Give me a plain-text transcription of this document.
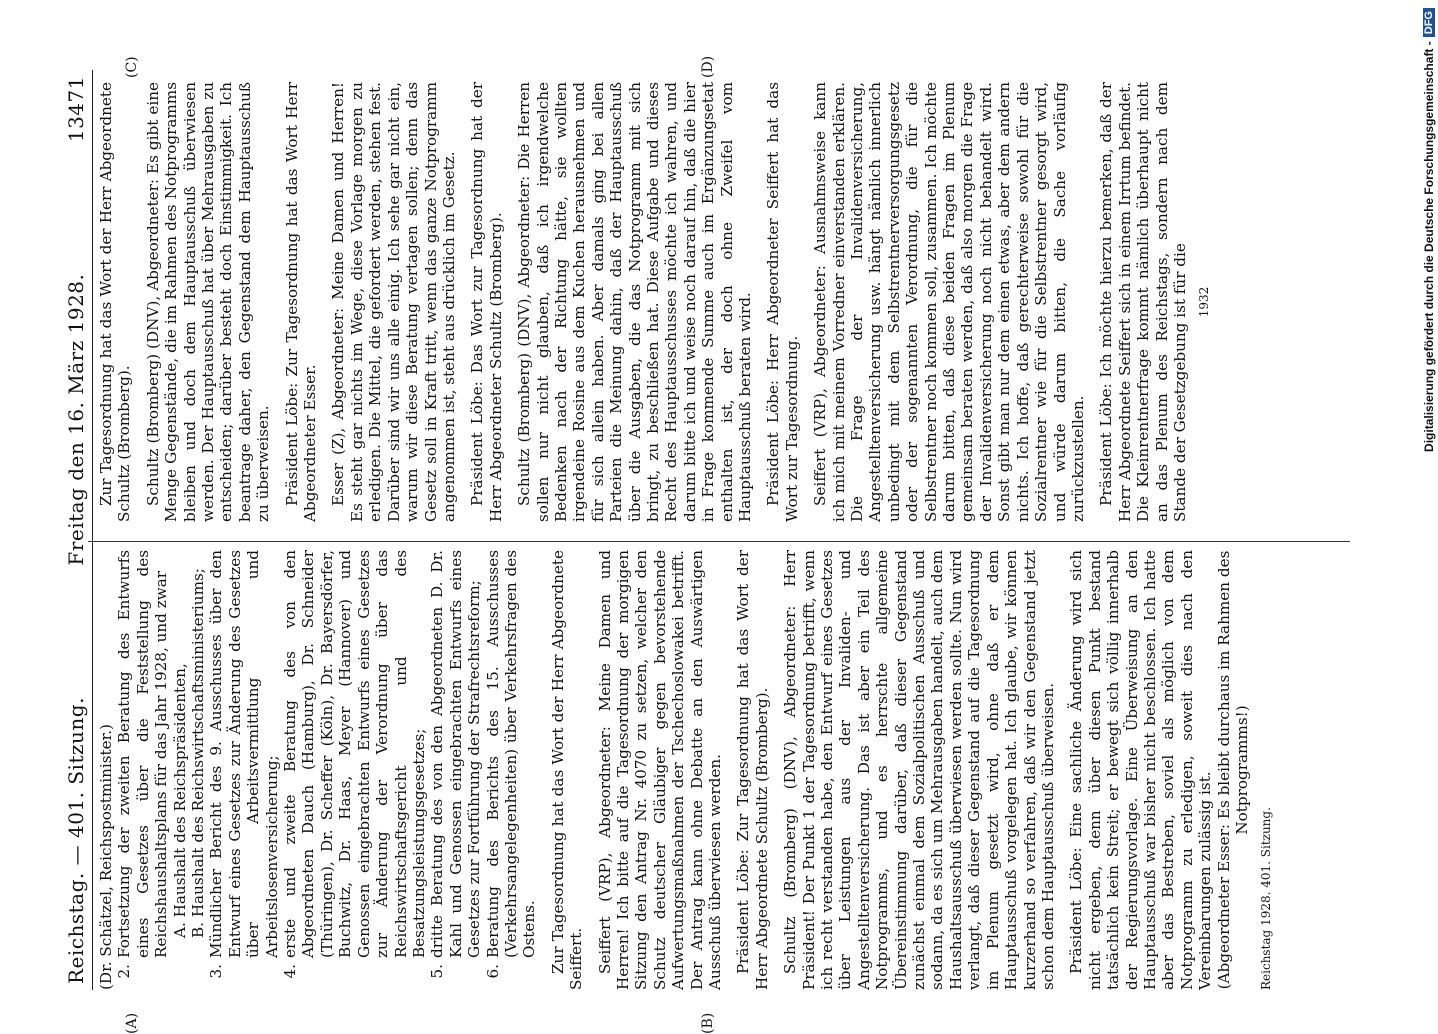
Reichstag. — 401. Sitzung.
Freitag den 16. März 1928.
13471
(A)	(B)
(C)	(D)

(Dr. Schätzel, Reichspostminister.) 2.
Fortsetzung der zweiten Beratung des Entwurfs eines Gesetzes über die Feststellung des Reichshaushaltsplans für das Jahr 1928, und zwar A. Haushalt des Reichspräsidenten, B. Haushalt des Reichswirtschaftsministeriums;
3.
Mündlicher Bericht des 9. Ausschusses über den Entwurf eines Gesetzes zur Änderung des Gesetzes über Arbeitsvermittlung und Arbeitslosenversicherung;
4.
erste und zweite Beratung des von den Abgeordneten Dauch (Hamburg), Dr. Schneider (Thüringen), Dr. Scheffer (Köln), Dr. Bayersdörfer, Buchwitz, Dr. Haas, Meyer (Hannover) und Genossen eingebrachten Entwurfs eines Gesetzes zur Änderung der Verordnung über das Reichswirtschaftsgericht und des Besatzungsleistungsgesetzes;
5.
dritte Beratung des von den Abgeordneten D. Dr. Kahl und Genossen eingebrachten Entwurfs eines Gesetzes zur Fortführung der Strafrechtsreform;
6.
Beratung des Berichts des 15. Ausschusses (Verkehrsangelegenheiten) über Verkehrsfragen des Ostens. Zur Tagesordnung hat das Wort der Herr Abgeordnete Seiffert. Seiffert (VRP), Abgeordneter: Meine Damen und Herren! Ich bitte auf die Tagesordnung der morgigen Sitzung den Antrag Nr. 4070 zu setzen, welcher den Schutz deutscher Gläubiger gegen bevorstehende Aufwertungsmaßnahmen der Tschechoslowakei betrifft. Der Antrag kann ohne Debatte an den Auswärtigen Ausschuß überwiesen werden. Präsident Löbe: Zur Tagesordnung hat das Wort der Herr Abgeordnete Schultz (Bromberg). Schultz (Bromberg) (DNV), Abgeordneter: Herr Präsident! Der Punkt 1 der Tagesordnung betrifft, wenn ich recht verstanden habe, den Entwurf eines Gesetzes über Leistungen aus der Invaliden- und Angestelltenversicherung. Das ist aber ein Teil des Notprogramms, und es herrschte allgemeine Übereinstimmung darüber, daß dieser Gegenstand zunächst einmal dem Sozialpolitischen Ausschuß und sodann, da es sich um Mehrausgaben handelt, auch dem Haushaltsausschuß überwiesen werden sollte. Nun wird verlangt, daß dieser Gegenstand auf die Tagesordnung im Plenum gesetzt wird, ohne daß er dem Hauptausschuß vorgelegen hat. Ich glaube, wir können kurzerhand so verfahren, daß wir den Gegenstand jetzt schon dem Hauptausschuß überweisen. Präsident Löbe: Eine sachliche Änderung wird sich nicht ergeben, denn über diesen Punkt bestand tatsächlich kein Streit; er bewegt sich völlig innerhalb der Regierungsvorlage. Eine Überweisung an den Hauptausschuß war bisher nicht beschlossen. Ich hatte aber das Bestreben, soviel als möglich von dem Notprogramm zu erledigen, soweit dies nach den Vereinbarungen zulässig ist. (Abgeordneter Esser: Es bleibt durchaus im Rahmen des Notprogramms!)

Reichstag 1928. 401. Sitzung.

Zur Tagesordnung hat das Wort der Herr Abgeordnete Schultz (Bromberg). Schultz (Bromberg) (DNV), Abgeordneter: Es gibt eine Menge Gegenstände, die im Rahmen des Notprogramms bleiben und doch dem Hauptausschuß überwiesen werden. Der Hauptausschuß hat über Mehrausgaben zu entscheiden; darüber besteht doch Einstimmigkeit. Ich beantrage daher, den Gegenstand dem Hauptausschuß zu überweisen. Präsident Löbe: Zur Tagesordnung hat das Wort Herr Abgeordneter Esser. Esser (Z), Abgeordneter: Meine Damen und Herren! Es steht gar nichts im Wege, diese Vorlage morgen zu erledigen. Die Mittel, die gefordert werden, stehen fest. Darüber sind wir uns alle einig. Ich sehe gar nicht ein, warum wir diese Beratung vertagen sollen; denn das Gesetz soll in Kraft tritt, wenn das ganze Notprogramm angenommen ist, steht aus drücklich im Gesetz. Präsident Löbe: Das Wort zur Tagesordnung hat der Herr Abgeordneter Schultz (Bromberg). Schultz (Bromberg) (DNV), Abgeordneter: Die Herren sollen nur nicht glauben, daß ich irgendwelche Bedenken nach der Richtung hätte, sie wollten irgendeine Rosine aus dem Kuchen herausnehmen und für sich allein haben. Aber damals ging bei allen Parteien die Meinung dahin, daß der Hauptausschuß über die Ausgaben, die das Notprogramm mit sich bringt, zu beschließen hat. Diese Aufgabe und dieses Recht des Hauptausschusses möchte ich wahren, und darum bitte ich und weise noch darauf hin, daß die hier in Frage kommende Summe auch im Ergänzungsetat enthalten ist, der doch ohne Zweifel vom Hauptausschuß beraten wird. Präsident Löbe: Herr Abgeordneter Seiffert hat das Wort zur Tagesordnung. Seiffert (VRP), Abgeordneter: Ausnahmsweise kann ich mich mit meinem Vorredner einverstanden erklären. Die Frage der Invalidenversicherung, Angestelltenversicherung usw. hängt nämlich innerlich unbedingt mit dem Selbstrentnerversorgungsgesetz oder der sogenannten Verordnung, die für die Selbstrentner noch kommen soll, zusammen. Ich möchte darum bitten, daß diese beiden Fragen im Plenum gemeinsam beraten werden, daß also morgen die Frage der Invalidenversicherung noch nicht behandelt wird. Sonst gibt man nur dem einen etwas, aber dem andern nichts. Ich hoffe, daß gerechterweise sowohl für die Sozialrentner wie für die Selbstrentner gesorgt wird, und würde darum bitten, die Sache vorläufig zurückzustellen. Präsident Löbe: Ich möchte hierzu bemerken, daß der Herr Abgeordnete Seiffert sich in einem Irrtum befindet. Die Kleinrentnerfrage kommt nämlich überhaupt nicht an das Plenum des Reichstags, sondern nach dem Stande der Gesetzgebung ist für die 1932	Digitalisierung gefördert durch die Deutsche Forschungsgemeinschaft -
DFG
